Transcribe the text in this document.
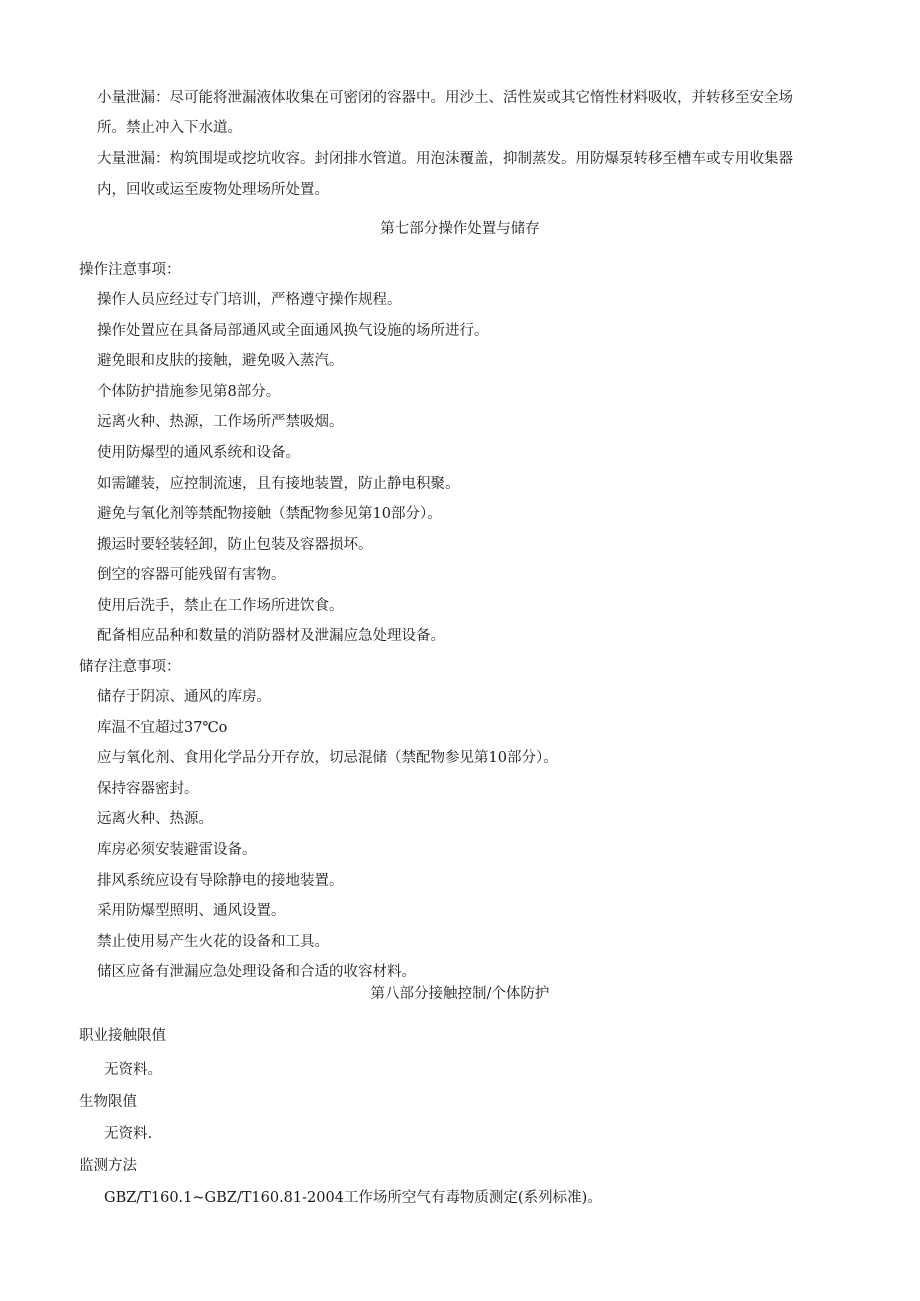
小量泄漏：尽可能将泄漏液体收集在可密闭的容器中。用沙土、活性炭或其它惰性材料吸收，并转移至安全场
所。禁止冲入下水道。
大量泄漏：构筑围堤或挖坑收容。封闭排水管道。用泡沫覆盖，抑制蒸发。用防爆泵转移至槽车或专用收集器
内，回收或运至废物处理场所处置。
第七部分操作处置与储存
操作注意事项：
操作人员应经过专门培训，严格遵守操作规程。
操作处置应在具备局部通风或全面通风换气设施的场所进行。
避免眼和皮肤的接触，避免吸入蒸汽。
个体防护措施参见第8部分。
远离火种、热源，工作场所严禁吸烟。
使用防爆型的通风系统和设备。
如需罐装，应控制流速，且有接地装置，防止静电积聚。
避免与氧化剂等禁配物接触（禁配物参见第10部分）。
搬运时要轻装轻卸，防止包装及容器损坏。
倒空的容器可能残留有害物。
使用后洗手，禁止在工作场所进饮食。
配备相应品种和数量的消防器材及泄漏应急处理设备。
储存注意事项：
储存于阴凉、通风的库房。
库温不宜超过37℃o
应与氧化剂、食用化学品分开存放，切忌混储（禁配物参见第10部分）。
保持容器密封。
远离火种、热源。
库房必须安装避雷设备。
排风系统应设有导除静电的接地装置。
采用防爆型照明、通风设置。
禁止使用易产生火花的设备和工具。
储区应备有泄漏应急处理设备和合适的收容材料。
第八部分接触控制/个体防护
职业接触限值
无资料。
生物限值
无资料.
监测方法
GBZ/T160.1~GBZ/T160.81-2004工作场所空气有毒物质测定(系列标准)。
